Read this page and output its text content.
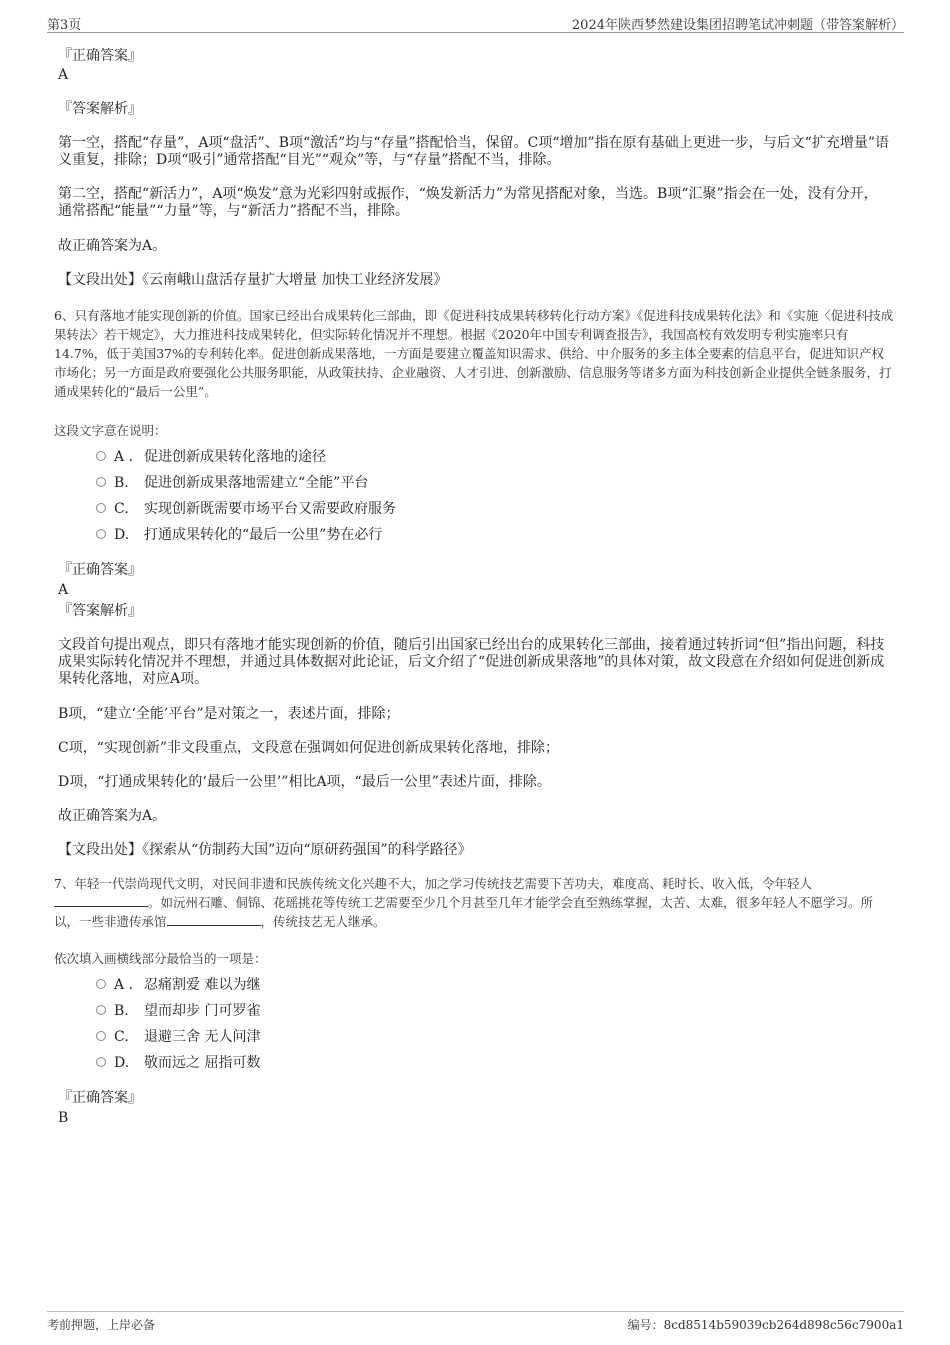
第3页	2024年陕西梦然建设集团招聘笔试冲刺题（带答案解析）
『正确答案』
A
『答案解析』
第一空，搭配“存量”，A项“盘活”、B项“激活”均与“存量”搭配恰当，保留。C项“增加”指在原有基础上更进一步，与后文“扩充增量”语义重复，排除；D项“吸引”通常搭配“目光”“观众”等，与“存量”搭配不当，排除。
第二空，搭配“新活力”，A项“焕发”意为光彩四射或振作，“焕发新活力”为常见搭配对象，当选。B项“汇聚”指会在一处，没有分开，通常搭配“能量”“力量”等，与“新活力”搭配不当，排除。
故正确答案为A。
【文段出处】《云南峨山盘活存量扩大增量 加快工业经济发展》
6、只有落地才能实现创新的价值。国家已经出台成果转化三部曲，即《促进科技成果转移转化行动方案》《促进科技成果转化法》和《实施〈促进科技成果转法〉若干规定》，大力推进科技成果转化，但实际转化情况并不理想。根据《2020年中国专利调查报告》，我国高校有效发明专利实施率只有14.7%，低于美国37%的专利转化率。促进创新成果落地，一方面是要建立覆盖知识需求、供给、中介服务的多主体全要素的信息平台，促进知识产权市场化；另一方面是政府要强化公共服务职能，从政策扶持、企业融资、人才引进、创新激励、信息服务等诸多方面为科技创新企业提供全链条服务，打通成果转化的“最后一公里”。
这段文字意在说明：
『正确答案』
A
『答案解析』
文段首句提出观点，即只有落地才能实现创新的价值，随后引出国家已经出台的成果转化三部曲，接着通过转折词“但”指出问题，科技成果实际转化情况并不理想，并通过具体数据对此论证，后文介绍了“促进创新成果落地”的具体对策，故文段意在介绍如何促进创新成果转化落地，对应A项。
B项，“建立‘全能’平台”是对策之一，表述片面，排除；
C项，“实现创新”非文段重点，文段意在强调如何促进创新成果转化落地，排除；
D项，“打通成果转化的‘最后一公里’”相比A项，“最后一公里”表述片面，排除。
故正确答案为A。
【文段出处】《探索从“仿制药大国”迈向“原研药强国”的科学路径》
依次填入画横线部分最恰当的一项是：
『正确答案』
B
A . 促进创新成果转化落地的途径
B. 促进创新成果落地需建立“全能”平台
C. 实现创新既需要市场平台又需要政府服务
D. 打通成果转化的“最后一公里”势在必行
A . 忍痛割爱 难以为继
B. 望而却步 门可罗雀
C. 退避三舍 无人问津
D. 敬而远之 屈指可数
7、年轻一代崇尚现代文明，对民间非遗和民族传统文化兴趣不大，加之学习传统技艺需要下苦功夫，难度高、耗时长、收入低，令年轻人。如沅州石雕、侗锦、花瑶挑花等传统工艺需要至少几个月甚至几年才能学会直至熟练掌握，太苦、太难，很多年轻人不愿学习。所以，一些非遗传承馆	，传统技艺无人继承。
考前押题，上岸必备	编号：8cd8514b59039cb264d898c56c7900a1
